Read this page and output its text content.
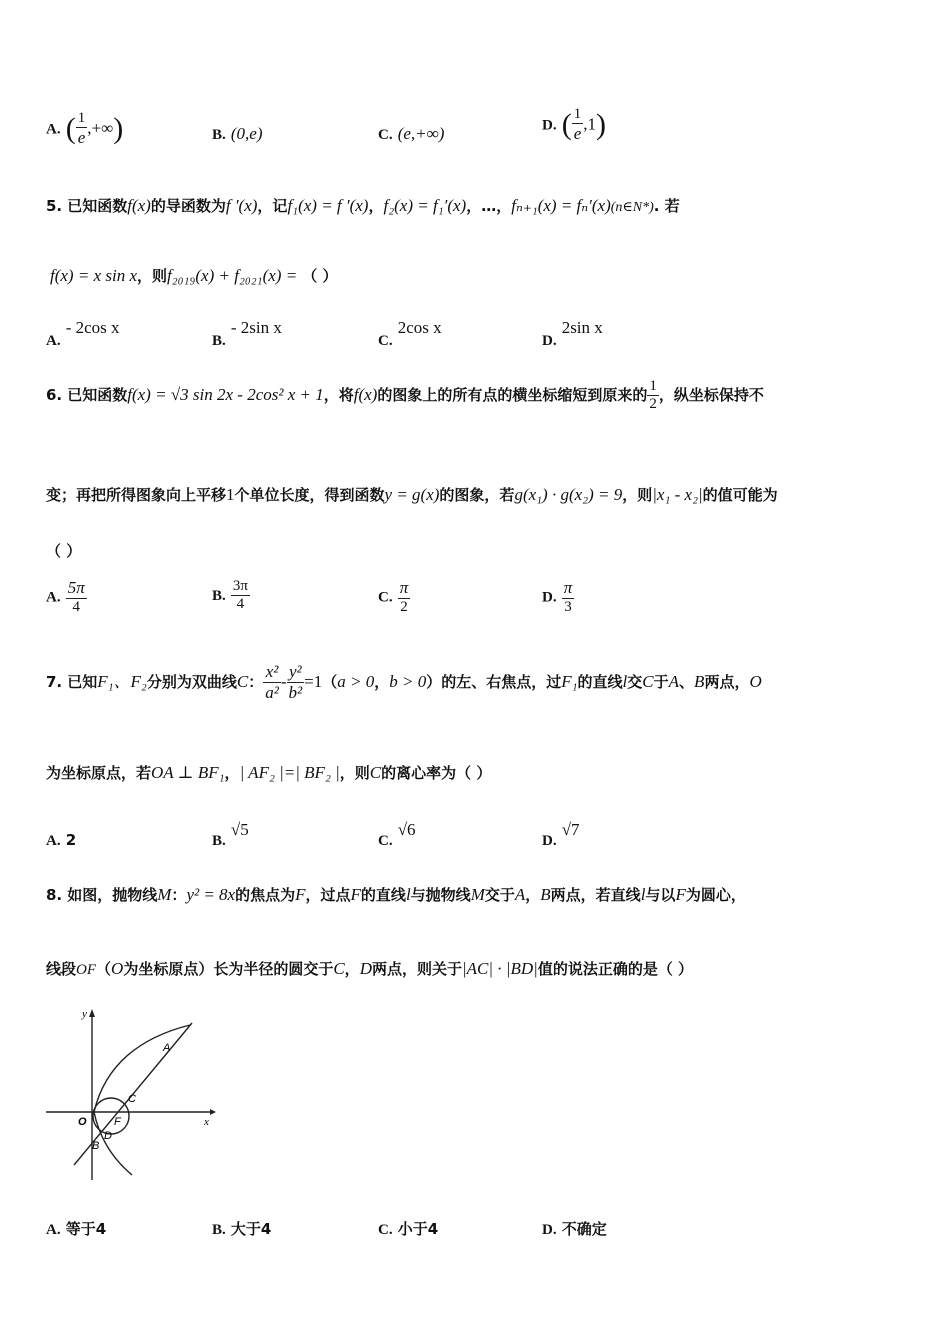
A. ( $\frac{1}{e}$ ,+∞)	B. (0,e)	C. (e,+∞)	D. ( $\frac{1}{e} ,1$)
5. 已知函数f(x)的导函数为f ′(x)，记f₁(x) = f ′(x)，f₂(x) = f₁′(x)，…，fₙ₊₁(x) = fₙ′(x)(n∈N*). 若
f(x) = x sin x，则f₂₀₁₉(x) + f₂₀₂₁(x) = （ ）
A. - 2cos x
B. - 2sin x
C. 2cos x
D. 2sin x
6. 已知函数f(x) = √3 sin 2x - 2cos² x + 1，将f(x)的图象上的所有点的横坐标缩短到原来的 $\frac{1}{2}$ ，纵坐标保持不
变；再把所得图象向上平移1个单位长度，得到函数y = g(x)的图象，若g(x₁) · g(x₂) = 9，则|x₁ - x₂|的值可能为
（ ）
A. $\frac{5\pi}{4}$	B. $\frac{3\pi}{4}$	C. $\frac{\pi}{2}$	D. $\frac{\pi}{3}$
7. 已知F₁、F₂分别为双曲线C： $\frac{\text{x²}}{\text{a²}} - \frac{\text{y²}}{\text{b²}} =1(a > 0$，b > 0）的左、右焦点，过F₁的直线l交C于A、B两点，O
为坐标原点，若OA ⊥ BF₁，| AF₂ |=| BF₂ |，则C的离心率为（ ）
A. 2	B. √5
C. √6
D. √7
8. 如图，抛物线M：y² = 8x的焦点为F，过点F的直线l与抛物线M交于A，B两点，若直线l与以F为圆心，
线段OF（O为坐标原点）长为半径的圆交于C，D两点，则关于|AC| · |BD|值的说法正确的是（ ）
y
x
O F
A
C
D
B
A. 等于4	B. 大于4	C. 小于4	D. 不确定
